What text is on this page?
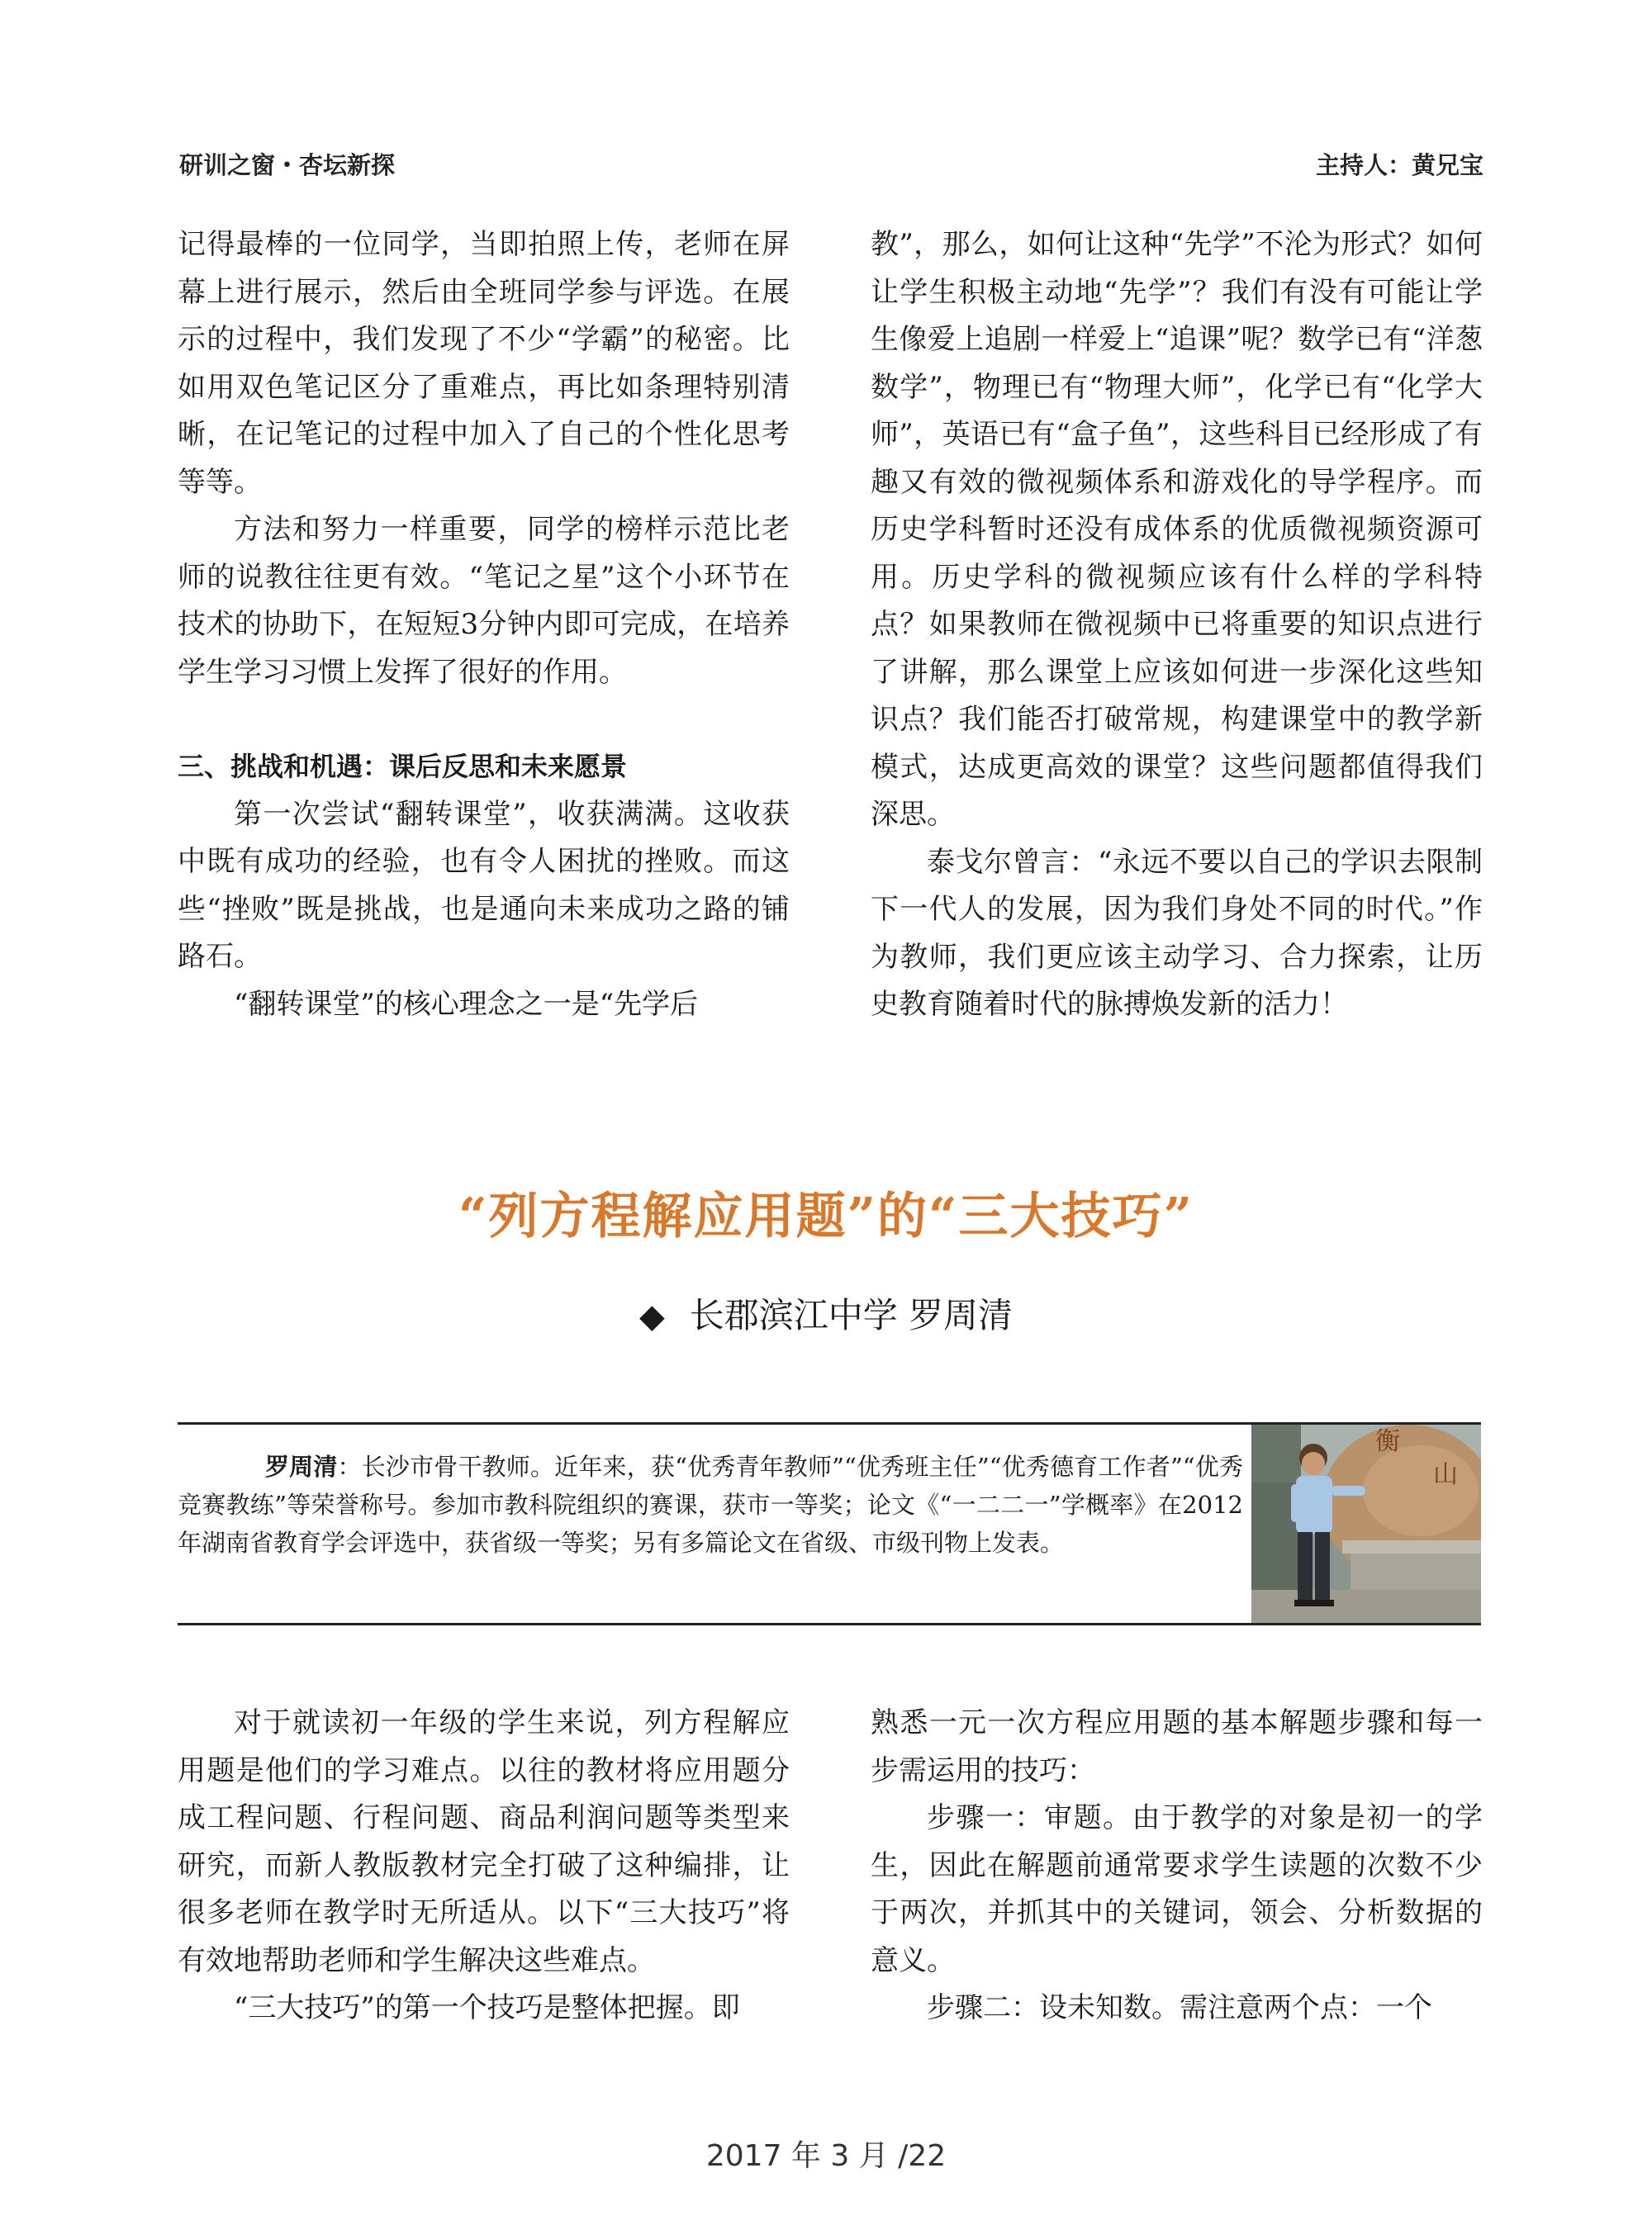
研训之窗・杏坛新探	主持人：黄兄宝

记得最棒的一位同学，当即拍照上传，老师在屏幕上进行展示，然后由全班同学参与评选。在展示的过程中，我们发现了不少“学霸”的秘密。比如用双色笔记区分了重难点，再比如条理特别清晰，在记笔记的过程中加入了自己的个性化思考等等。

方法和努力一样重要，同学的榜样示范比老师的说教往往更有效。“笔记之星”这个小环节在技术的协助下，在短短3分钟内即可完成，在培养学生学习习惯上发挥了很好的作用。

三、挑战和机遇：课后反思和未来愿景

第一次尝试“翻转课堂”，收获满满。这收获中既有成功的经验，也有令人困扰的挫败。而这些“挫败”既是挑战，也是通向未来成功之路的铺路石。

“翻转课堂”的核心理念之一是“先学后

教”，那么，如何让这种“先学”不沦为形式？如何让学生积极主动地“先学”？我们有没有可能让学生像爱上追剧一样爱上“追课”呢？数学已有“洋葱数学”，物理已有“物理大师”，化学已有“化学大师”，英语已有“盒子鱼”，这些科目已经形成了有趣又有效的微视频体系和游戏化的导学程序。而历史学科暂时还没有成体系的优质微视频资源可用。历史学科的微视频应该有什么样的学科特点？如果教师在微视频中已将重要的知识点进行了讲解，那么课堂上应该如何进一步深化这些知识点？我们能否打破常规，构建课堂中的教学新模式，达成更高效的课堂？这些问题都值得我们深思。

泰戈尔曾言：“永远不要以自己的学识去限制下一代人的发展，因为我们身处不同的时代。”作为教师，我们更应该主动学习、合力探索，让历史教育随着时代的脉搏焕发新的活力！

“列方程解应用题”的“三大技巧”
◆ 长郡滨江中学 罗周清
罗周清：长沙市骨干教师。近年来，获“优秀青年教师”“优秀班主任”“优秀德育工作者”“优秀竞赛教练”等荣誉称号。参加市教科院组织的赛课，获市一等奖；论文《“一二二一”学概率》在2012年湖南省教育学会评选中，获省级一等奖；另有多篇论文在省级、市级刊物上发表。
衡
山

对于就读初一年级的学生来说，列方程解应用题是他们的学习难点。以往的教材将应用题分成工程问题、行程问题、商品利润问题等类型来研究，而新人教版教材完全打破了这种编排，让很多老师在教学时无所适从。以下“三大技巧”将有效地帮助老师和学生解决这些难点。

“三大技巧”的第一个技巧是整体把握。即

熟悉一元一次方程应用题的基本解题步骤和每一步需运用的技巧：

步骤一：审题。由于教学的对象是初一的学生，因此在解题前通常要求学生读题的次数不少于两次，并抓其中的关键词，领会、分析数据的意义。

步骤二：设未知数。需注意两个点：一个

2017 年 3 月 /22
